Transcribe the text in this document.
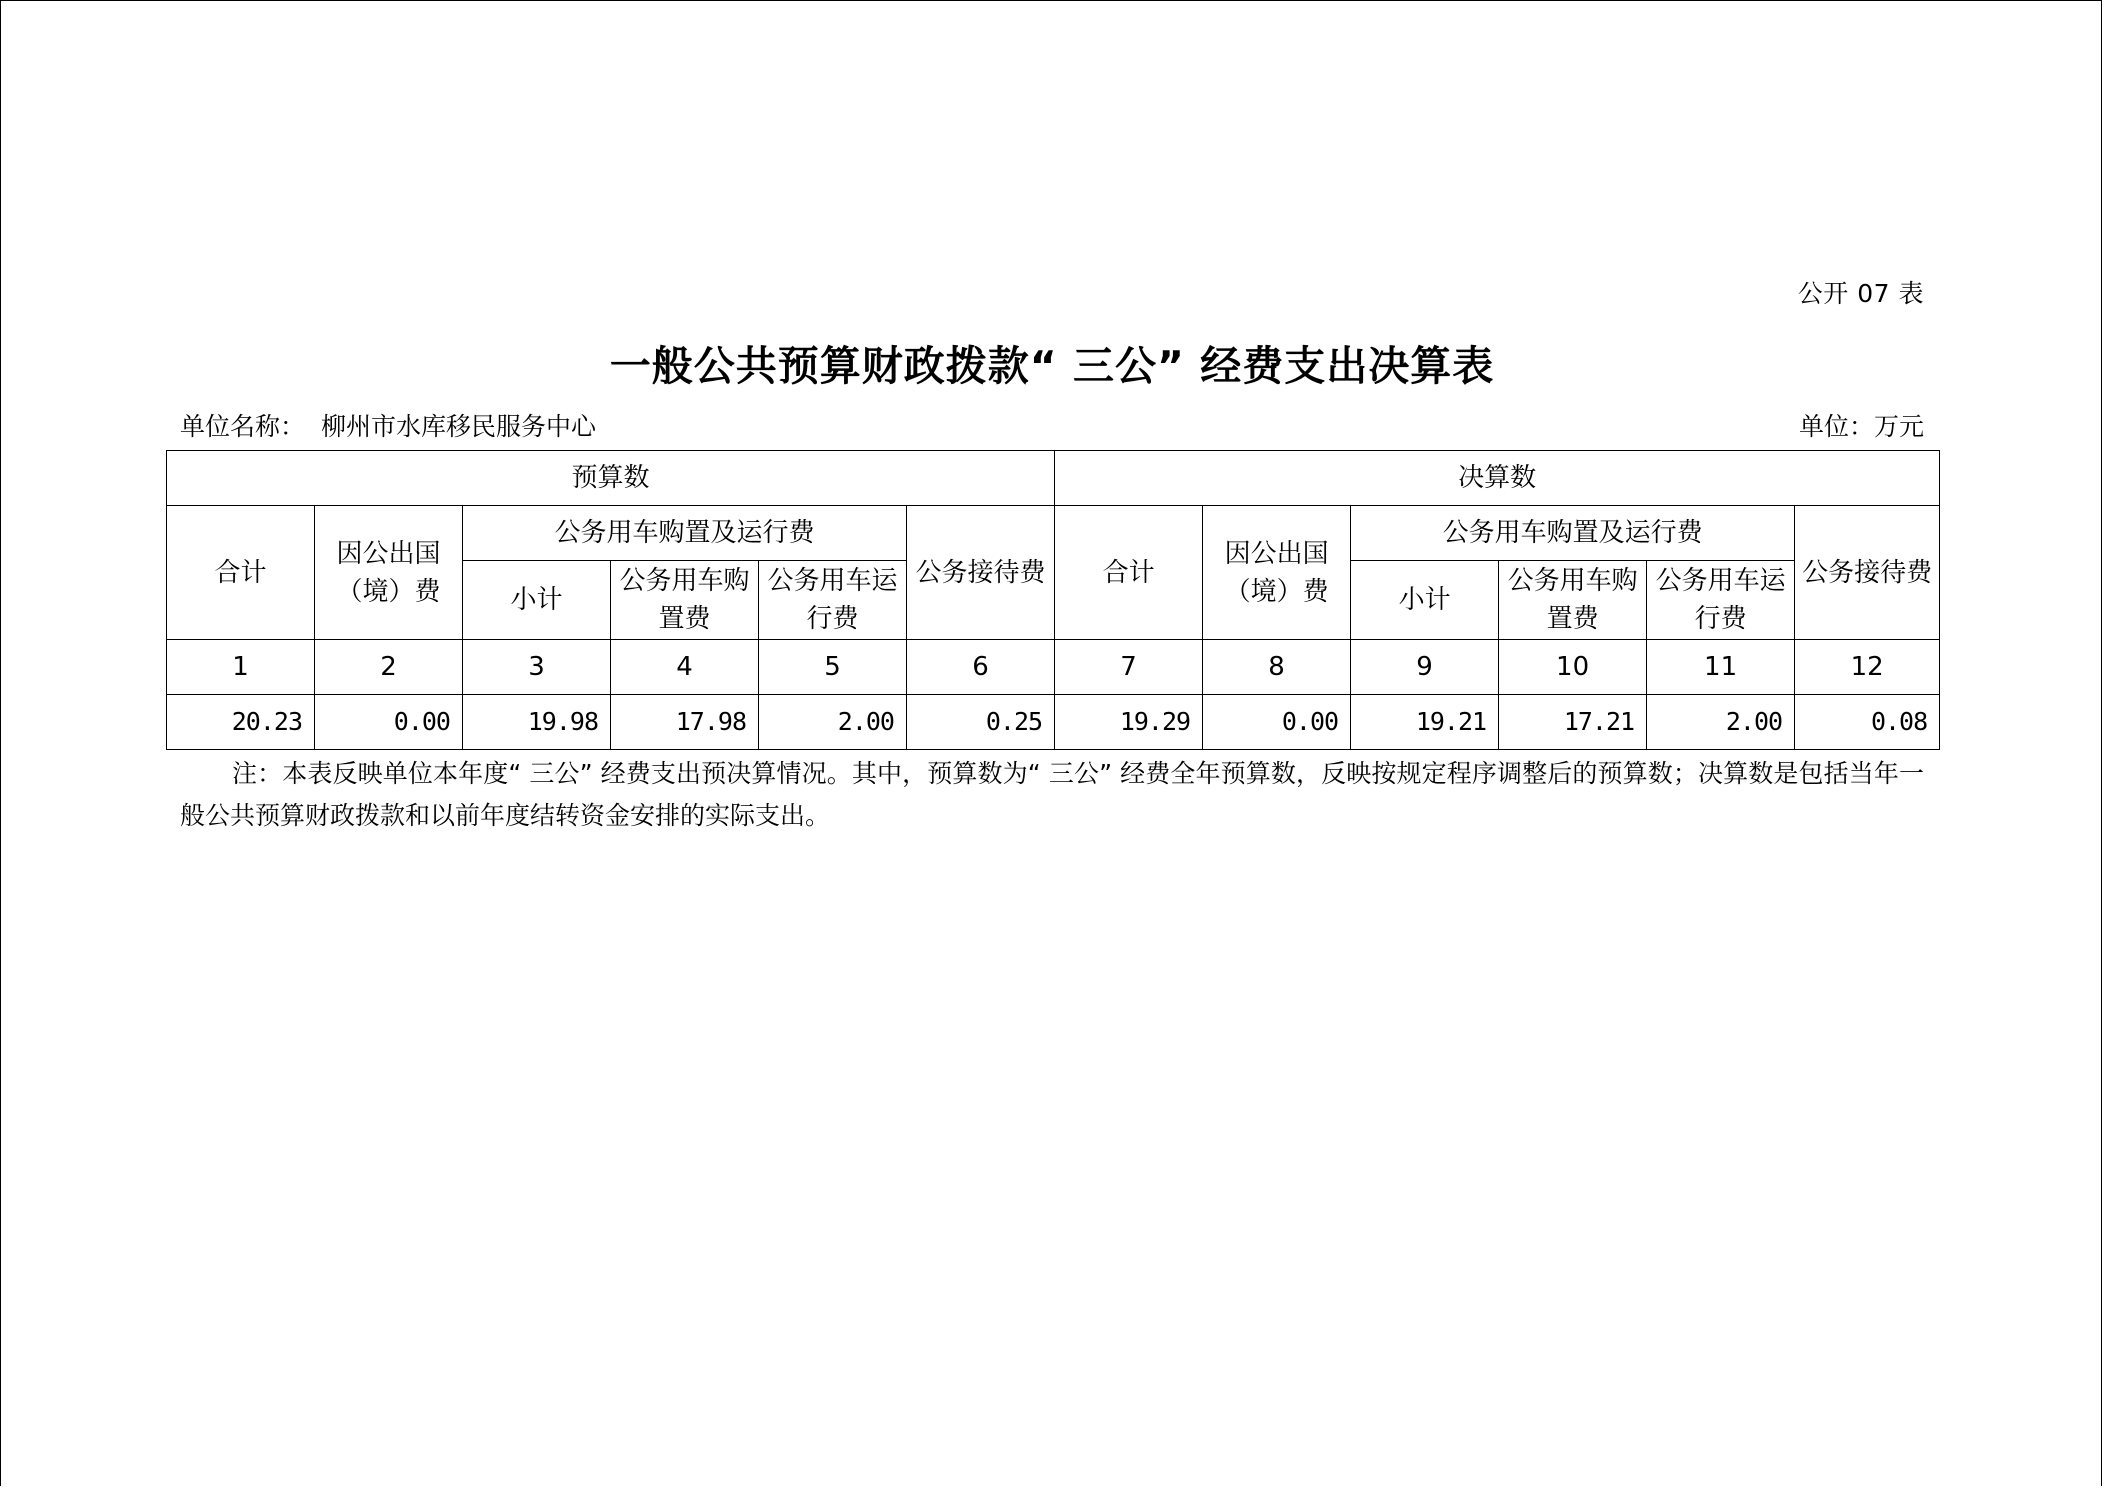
公开 07 表
一般公共预算财政拨款“ 三公” 经费支出决算表
单位名称： 柳州市水库移民服务中心	单位：万元
预算数						决算数					
合计	因公出国（境）费	公务用车购置及运行费			公务接待费	合计	因公出国（境）费	公务用车购置及运行费			公务接待费
		小计	公务用车购置费	公务用车运行费				小计	公务用车购置费	公务用车运行费	
1	2	3	4	5	6	7	8	9	10	11	12
20.23	0.00	19.98	17.98	2.00	0.25	19.29	0.00	19.21	17.21	2.00	0.08
注：本表反映单位本年度“ 三公” 经费支出预决算情况。其中，预算数为“ 三公” 经费全年预算数，反映按规定程序调整后的预算数；决算数是包括当年一般公共预算财政拨款和以前年度结转资金安排的实际支出。
